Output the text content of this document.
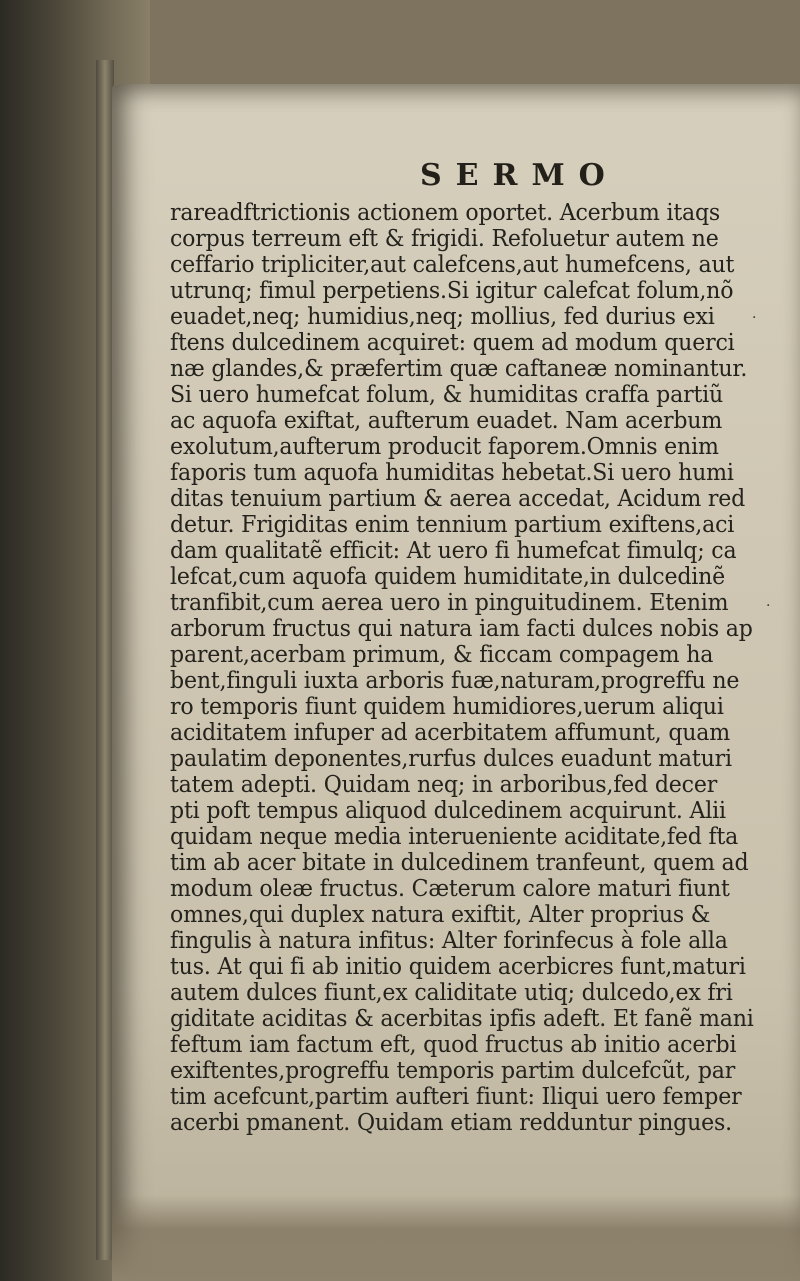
SERMO
·
·
rareadftrictionis actionem oportet. Acerbum itaqs
corpus terreum eft & frigidi. Refoluetur autem ne
ceffario tripliciter,aut calefcens,aut humefcens, aut
utrunq; fimul perpetiens.Si igitur calefcat folum,nõ
euadet,neq; humidius,neq; mollius, fed durius exi
ftens dulcedinem acquiret: quem ad modum querci
næ glandes,& præfertim quæ caftaneæ nominantur.
Si uero humefcat folum, & humiditas craffa partiũ
ac aquofa exiftat, aufterum euadet. Nam acerbum
exolutum,aufterum producit faporem.Omnis enim
faporis tum aquofa humiditas hebetat.Si uero humi
ditas tenuium partium & aerea accedat, Acidum red
detur. Frigiditas enim tennium partium exiftens,aci
dam qualitatẽ efficit: At uero fi humefcat fimulq; ca
lefcat,cum aquofa quidem humiditate,in dulcedinẽ
tranfibit,cum aerea uero in pinguitudinem. Etenim
arborum fructus qui natura iam facti dulces nobis ap
parent,acerbam primum, & ficcam compagem ha
bent,finguli iuxta arboris fuæ,naturam,progreffu ne
ro temporis fiunt quidem humidiores,uerum aliqui
aciditatem infuper ad acerbitatem affumunt, quam
paulatim deponentes,rurfus dulces euadunt maturi
tatem adepti. Quidam neq; in arboribus,fed decer
pti poft tempus aliquod dulcedinem acquirunt. Alii
quidam neque media interueniente aciditate,fed fta
tim ab acer bitate in dulcedinem tranfeunt, quem ad
modum oleæ fructus. Cæterum calore maturi fiunt
omnes,qui duplex natura exiftit, Alter proprius &
fingulis à natura infitus: Alter forinfecus à fole alla
tus. At qui fi ab initio quidem acerbicres funt,maturi
autem dulces fiunt,ex caliditate utiq; dulcedo,ex fri
giditate aciditas & acerbitas ipfis adeft. Et fanẽ mani
feftum iam factum eft, quod fructus ab initio acerbi
exiftentes,progreffu temporis partim dulcefcũt, par
tim acefcunt,partim aufteri fiunt: Iliqui uero femper
acerbi pmanent. Quidam etiam redduntur pingues.
